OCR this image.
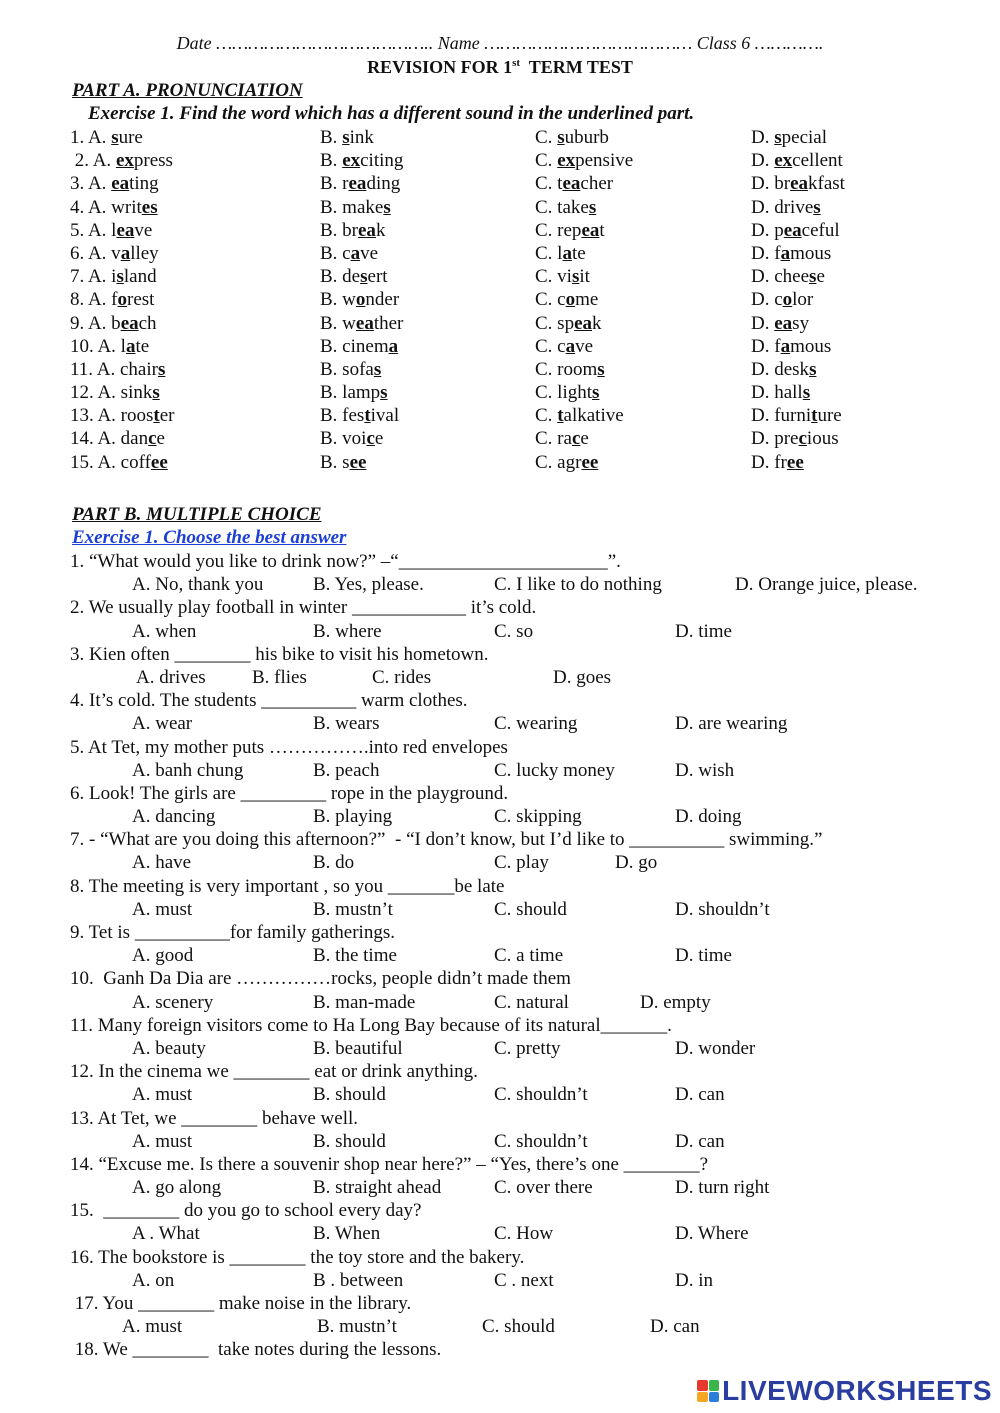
Date ………………………………….. Name ………………………………… Class 6 ………….
REVISION FOR 1st  TERM TEST
PART A. PRONUNCIATION
Exercise 1. Find the word which has a different sound in the underlined part.
1. A. sure	B. sink	C. suburb	D. special
2. A. express	B. exciting	C. expensive	D. excellent
3. A. eating	B. reading	C. teacher	D. breakfast
4. A. writes	B. makes	C. takes	D. drives
5. A. leave	B. break	C. repeat	D. peaceful
6. A. valley	B. cave	C. late	D. famous
7. A. island	B. desert	C. visit	D. cheese
8. A. forest	B. wonder	C. come	D. color
9. A. beach	B. weather	C. speak	D. easy
10. A. late	B. cinema	C. cave	D. famous
11. A. chairs	B. sofas	C. rooms	D. desks
12. A. sinks	B. lamps	C. lights	D. halls
13. A. rooster	B. festival	C. talkative	D. furniture
14. A. dance	B. voice	C. race	D. precious
15. A. coffee	B. see	C. agree	D. free
PART B. MULTIPLE CHOICE
Exercise 1. Choose the best answer
1. “What would you like to drink now?” –“______________________”.
A. No, thank you	B. Yes, please.	C. I like to do nothing	D. Orange juice, please.
2. We usually play football in winter ____________ it’s cold.
A. when	B. where	C. so	D. time
3. Kien often ________ his bike to visit his hometown.
A. drives B. flies	C. rides	D. goes
4. It’s cold. The students __________ warm clothes.
A. wear	B. wears	C. wearing	D. are wearing
5. At Tet, my mother puts …………….into red envelopes
A. banh chung	B. peach	C. lucky money	D. wish
6. Look! The girls are _________ rope in the playground.
A. dancing	B. playing	C. skipping	D. doing
7. - “What are you doing this afternoon?”  - “I don’t know, but I’d like to __________ swimming.”
A. have	B. do	C. play	D. go
8. The meeting is very important , so you _______be late
A. must	B. mustn’t	C. should	D. shouldn’t
9. Tet is __________for family gatherings.
A. good	B. the time	C. a time	D. time
10.  Ganh Da Dia are ……………rocks, people didn’t made them
A. scenery	B. man-made	C. natural	D. empty
11. Many foreign visitors come to Ha Long Bay because of its natural_______.
A. beauty	B. beautiful	C. pretty	D. wonder
12. In the cinema we ________ eat or drink anything.
A. must	B. should	C. shouldn’t	D. can
13. At Tet, we ________ behave well.
A. must	B. should	C. shouldn’t	D. can
14. “Excuse me. Is there a souvenir shop near here?” – “Yes, there’s one ________?
A. go along	B. straight ahead	C. over there	D. turn right
15.  ________ do you go to school every day?
A . What	B. When	C. How	D. Where
16. The bookstore is ________ the toy store and the bakery.
A. on	B . between	C . next	D. in
17. You ________ make noise in the library.
A. must	B. mustn’t	C. should	D. can
18. We ________  take notes during the lessons.
LIVEWORKSHEETS
